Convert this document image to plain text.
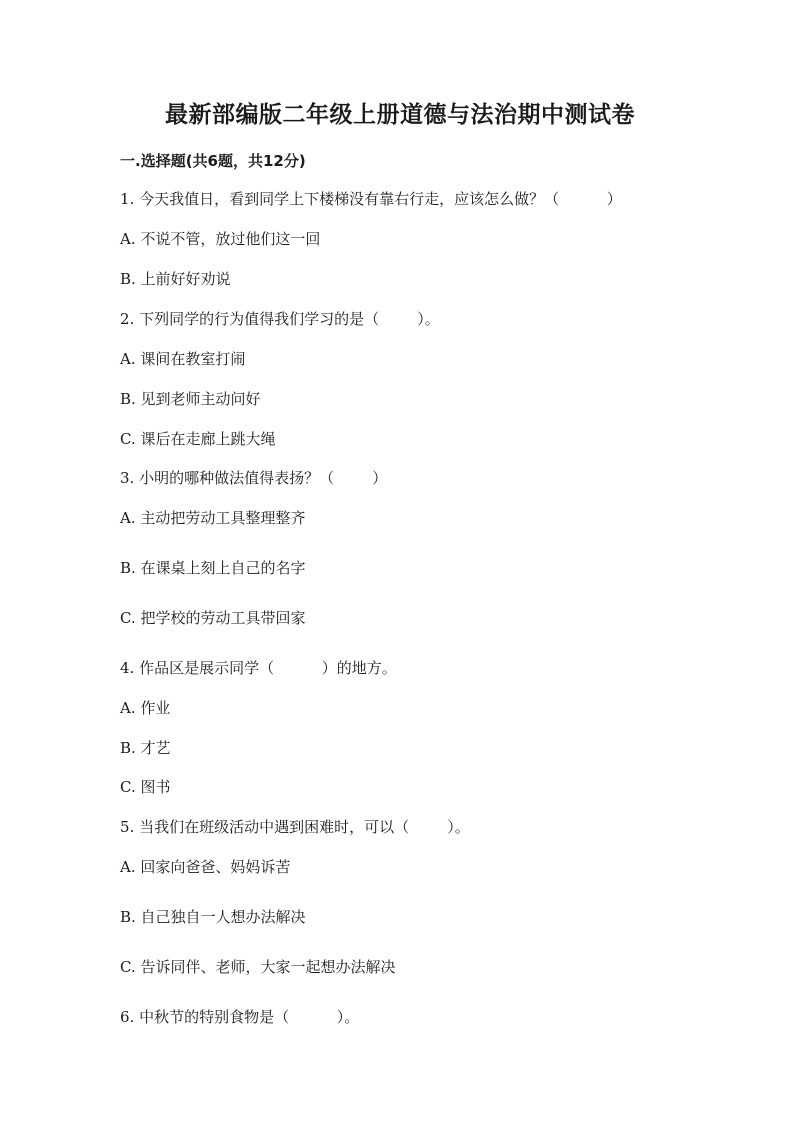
最新部编版二年级上册道德与法治期中测试卷
一.选择题(共6题，共12分)
1. 今天我值日，看到同学上下楼梯没有靠右行走，应该怎么做？（          ）
A. 不说不管，放过他们这一回
B. 上前好好劝说
2. 下列同学的行为值得我们学习的是（        ）。
A. 课间在教室打闹
B. 见到老师主动问好
C. 课后在走廊上跳大绳
3. 小明的哪种做法值得表扬？（        ）
A. 主动把劳动工具整理整齐
B. 在课桌上刻上自己的名字
C. 把学校的劳动工具带回家
4. 作品区是展示同学（          ）的地方。
A. 作业
B. 才艺
C. 图书
5. 当我们在班级活动中遇到困难时，可以（        ）。
A. 回家向爸爸、妈妈诉苦
B. 自己独自一人想办法解决
C. 告诉同伴、老师，大家一起想办法解决
6. 中秋节的特别食物是（          ）。
